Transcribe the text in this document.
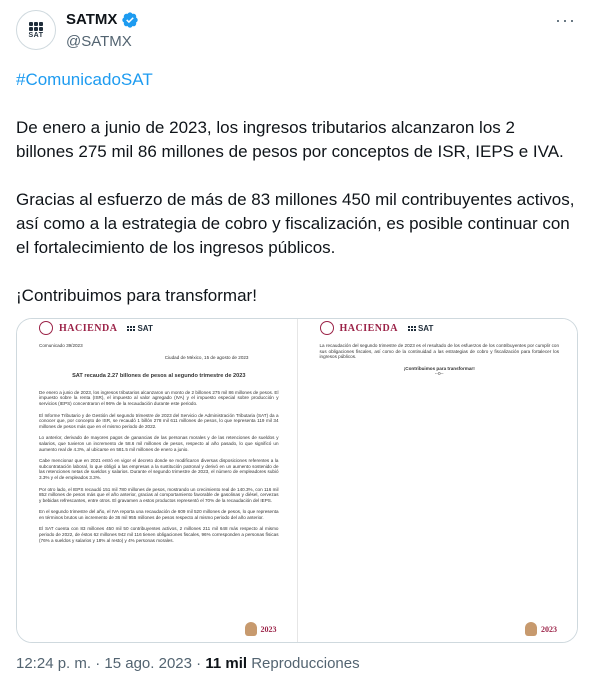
SAT
SATMX
@SATMX
···

#ComunicadoSAT

De enero a junio de 2023, los ingresos tributarios alcanzaron los 2 billones 275 mil 86 millones de pesos por conceptos de ISR, IEPS e IVA.

Gracias al esfuerzo de más de 83 millones 450 mil contribuyentes activos, así como a la estrategia de cobro y fiscalización, es posible continuar con el fortalecimiento de los ingresos públicos.

¡Contribuimos para transformar!

HACIENDA	SAT
Comunicado 39/2023
Ciudad de México, 15 de agosto de 2023
SAT recauda 2.27 billones de pesos al segundo trimestre de 2023

De enero a junio de 2023, los ingresos tributarios alcanzaron un monto de 2 billones 275 mil 86 millones de pesos. El impuesto sobre la renta (ISR), el impuesto al valor agregado (IVA) y el impuesto especial sobre producción y servicios (IEPS) concentraron el 96% de la recaudación durante este periodo.

El Informe Tributario y de Gestión del segundo trimestre de 2023 del Servicio de Administración Tributaria (SAT) da a conocer que, por concepto de ISR, se recaudó 1 billón 278 mil 611 millones de pesos, lo que representa 119 mil 34 millones de pesos más que en el mismo periodo de 2022.

Lo anterior, derivado de mayores pagos de ganancias de las personas morales y de las retenciones de sueldos y salarios, que tuvieron un incremento de 58.6 mil millones de pesos, respecto al año pasado, lo que significó un aumento real de 4.3%, al ubicarse en 581.5 mil millones de enero a junio.

Cabe mencionar que en 2021 entró en vigor el decreto donde se modificaron diversas disposiciones referentes a la subcontratación laboral, lo que obligó a las empresas a la sustitución patronal y derivó en un aumento sostenido de las retenciones netas de sueldos y salarios. Durante el segundo trimestre de 2023, el número de empleadores subió 3.3% y el de empleados 3.3%.

Por otro lado, el IEPS recaudó 151 mil 780 millones de pesos, mostrando un crecimiento real de 140.3%, con 116 mil 852 millones de pesos más que el año anterior, gracias al comportamiento favorable de gasolinas y diésel, cervezas y bebidas refrescantes, entre otros. El gravamen a estos productos representó el 70% de la recaudación del IEPS.

En el segundo trimestre del año, el IVA reporta una recaudación de 609 mil 520 millones de pesos, lo que representa en términos brutos un incremento de 36 mil 955 millones de pesos respecto al mismo periodo del año anterior.

El SAT cuenta con 83 millones 450 mil 50 contribuyentes activos, 2 millones 211 mil 648 más respecto al mismo periodo de 2022, de éstos 62 millones 942 mil 116 tienen obligaciones fiscales, 96% corresponden a personas físicas (76% a sueldos y salarios y 18% al resto) y 4% personas morales.

2023
HACIENDA	SAT

La recaudación del segundo trimestre de 2023 es el resultado de los esfuerzos de los contribuyentes por cumplir con sus obligaciones fiscales, así como de la continuidad a las estrategias de cobro y fiscalización para fortalecer los ingresos públicos.

¡Contribuimos para transformar!
--0--
2023
12:24 p. m. · 15 ago. 2023 · 11 mil Reproducciones
